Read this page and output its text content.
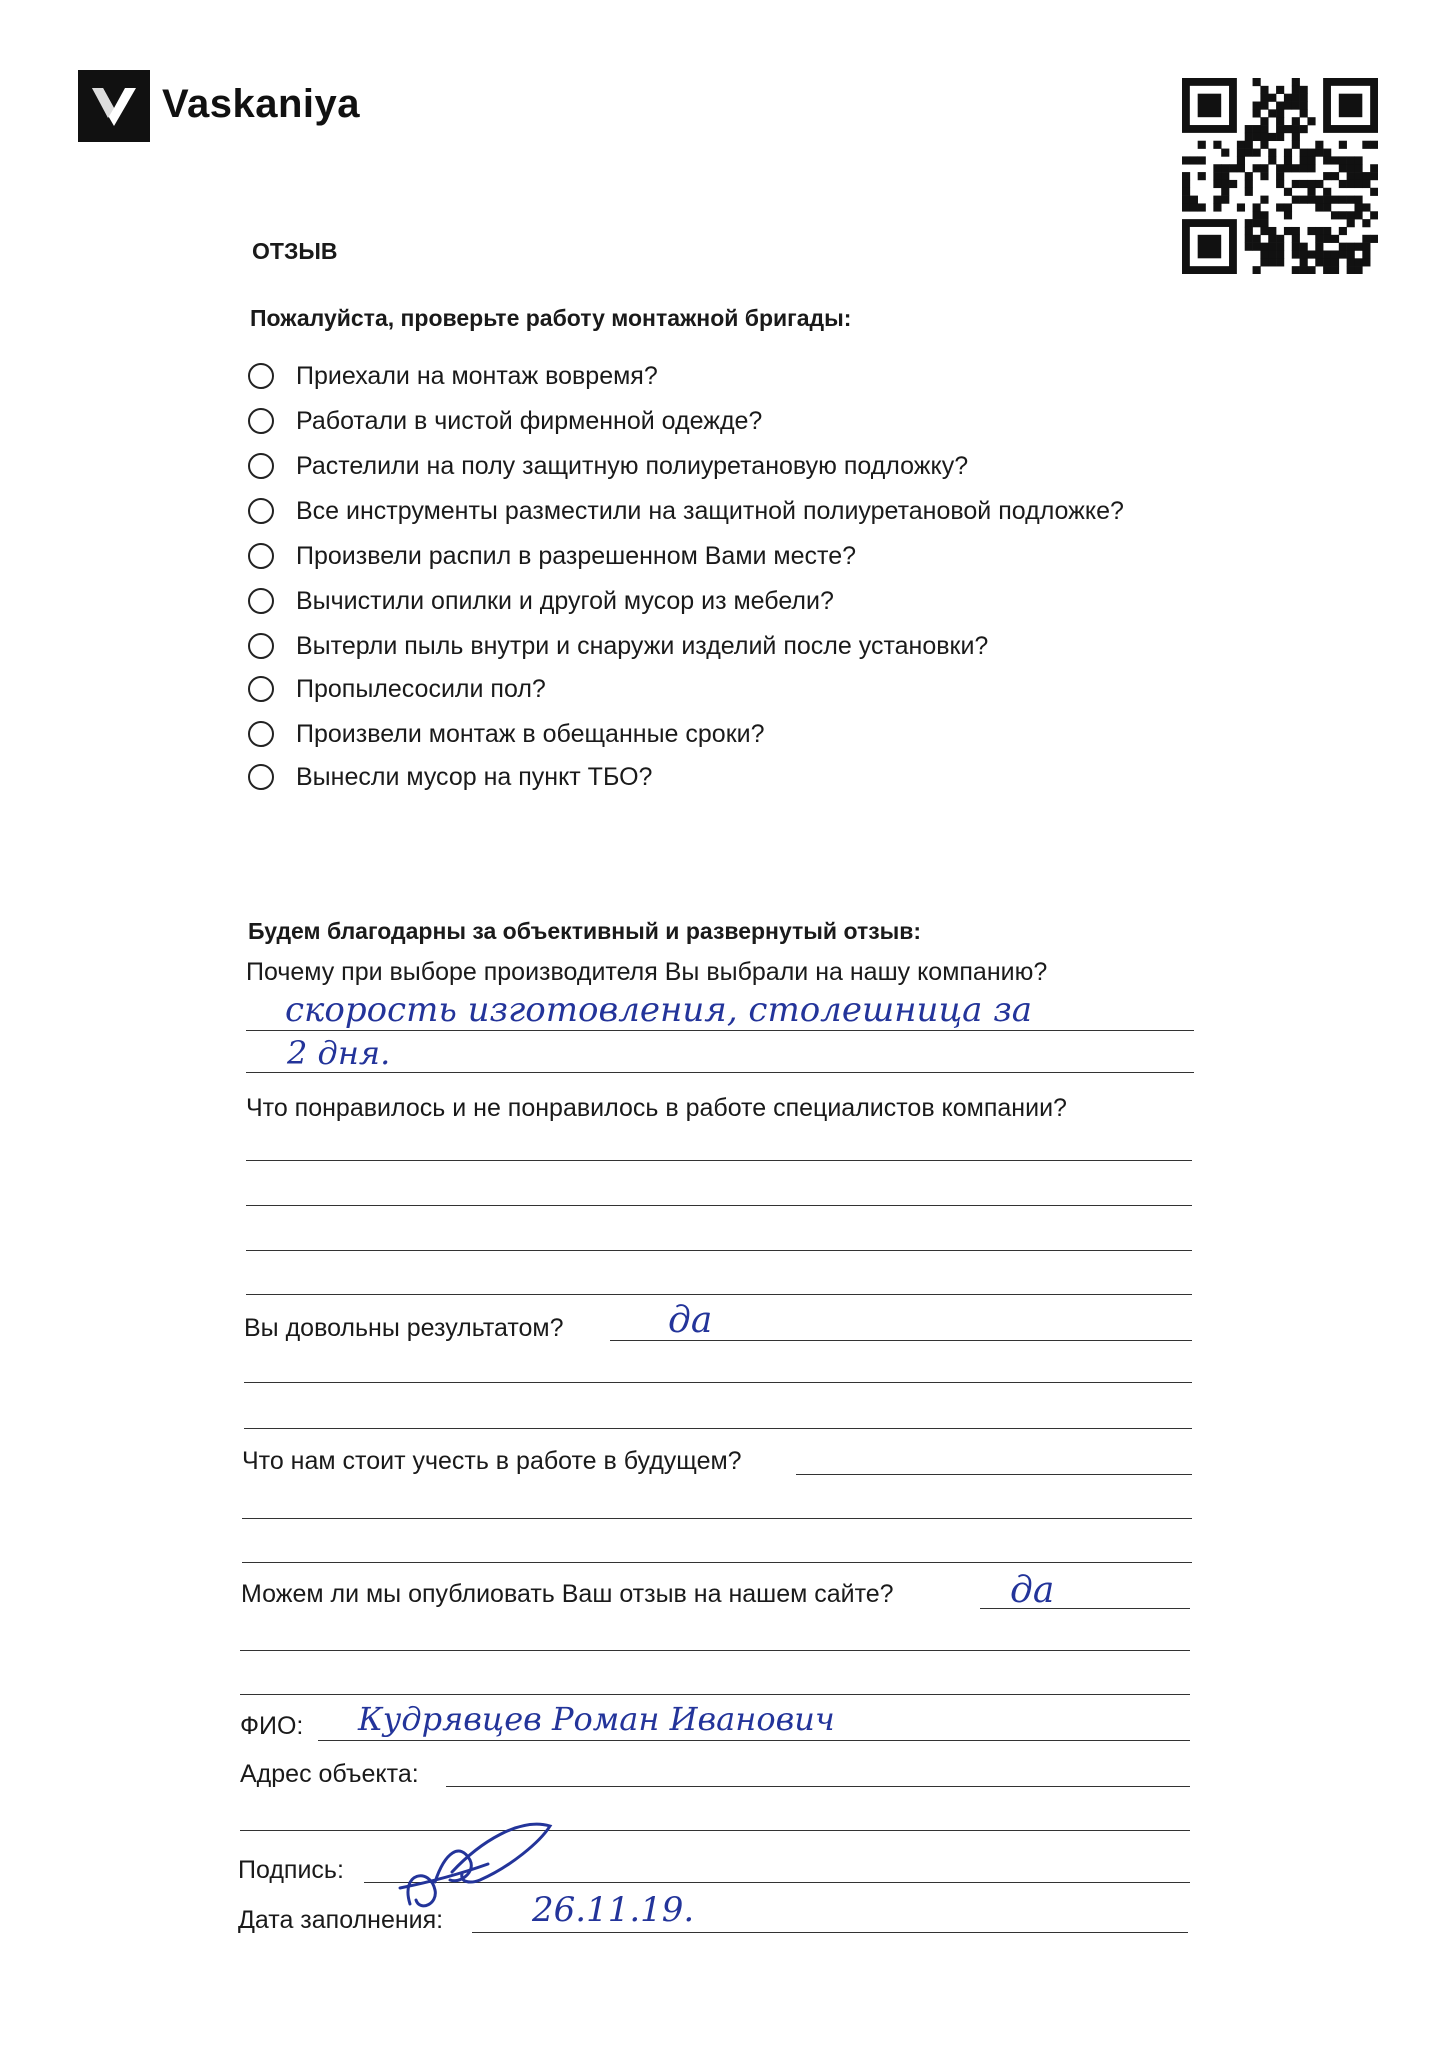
Vaskaniya
ОТЗЫВ
Пожалуйста, проверьте работу монтажной бригады:
Приехали на монтаж вовремя?
Работали в чистой фирменной одежде?
Растелили на полу защитную полиуретановую подложку?
Все инструменты разместили на защитной полиуретановой подложке?
Произвели распил в разрешенном Вами месте?
Вычистили опилки и другой мусор из мебели?
Вытерли пыль внутри и снаружи изделий после установки?
Пропылесосили пол?
Произвели монтаж в обещанные сроки?
Вынесли мусор на пункт ТБО?
Будем благодарны за объективный и развернутый отзыв:
Почему при выборе производителя Вы выбрали на нашу компанию?
скорость изготовления, столешница за
2 дня.
Что понравилось и не понравилось в работе специалистов компании?
Вы довольны результатом?	да
Что нам стоит учесть в работе в будущем?
Можем ли мы опублиовать Ваш отзыв на нашем сайте?	да
ФИО: Кудрявцев Роман Иванович
Адрес объекта:
Подпись:
Дата заполнения:	26.11.19.
